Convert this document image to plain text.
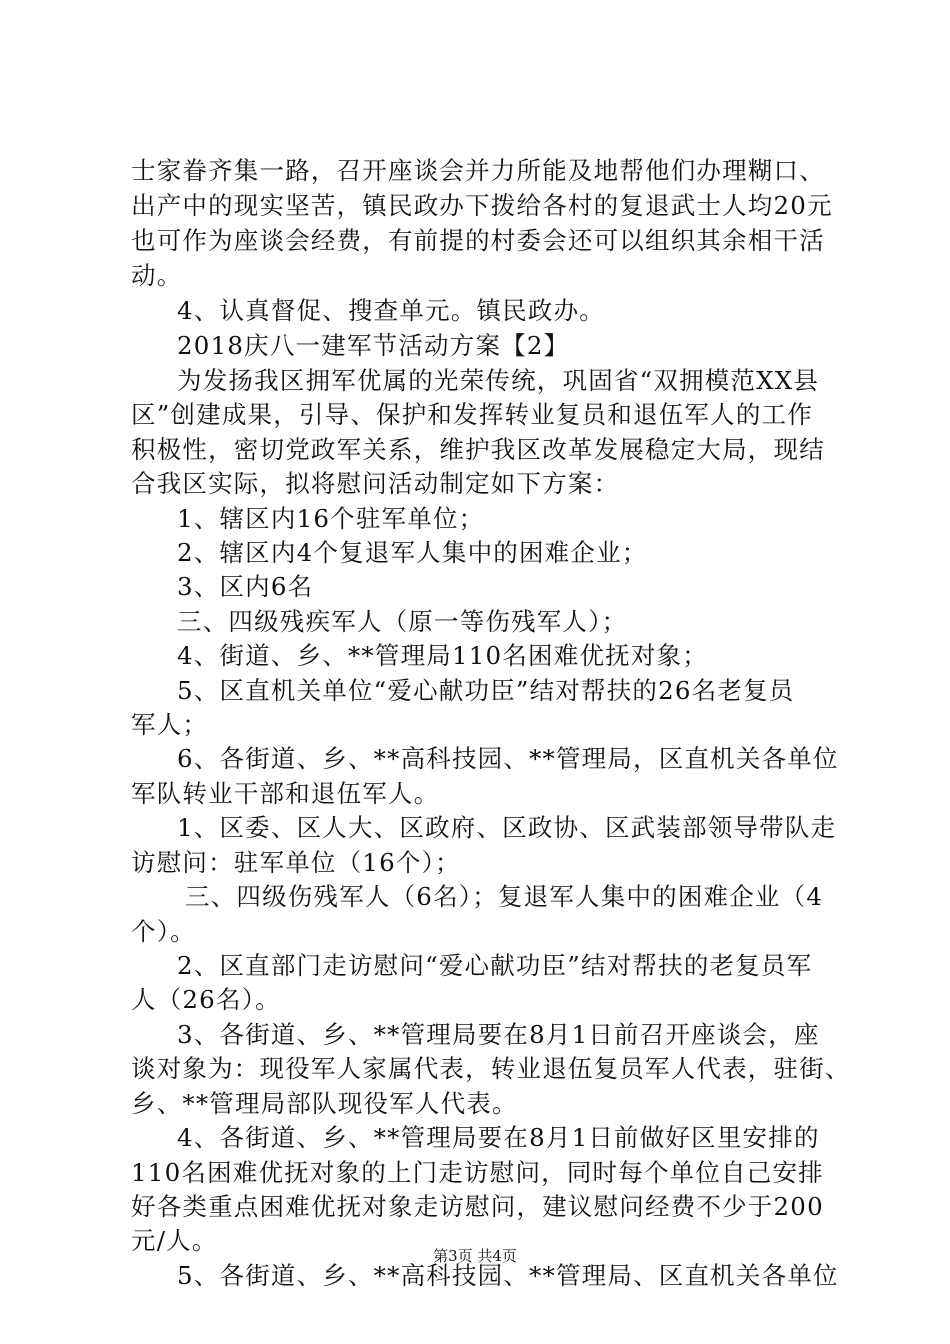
士家眷齐集一路，召开座谈会并力所能及地帮他们办理糊口、
出产中的现实坚苦，镇民政办下拨给各村的复退武士人均20元
也可作为座谈会经费，有前提的村委会还可以组织其余相干活
动。
4、认真督促、搜查单元。镇民政办。
2018庆八一建军节活动方案【2】
为发扬我区拥军优属的光荣传统，巩固省“双拥模范XX县
区”创建成果，引导、保护和发挥转业复员和退伍军人的工作
积极性，密切党政军关系，维护我区改革发展稳定大局，现结
合我区实际，拟将慰问活动制定如下方案：
1、辖区内16个驻军单位；
2、辖区内4个复退军人集中的困难企业；
3、区内6名
三、四级残疾军人（原一等伤残军人）；
4、街道、乡、**管理局110名困难优抚对象；
5、区直机关单位“爱心献功臣”结对帮扶的26名老复员
军人；
6、各街道、乡、**高科技园、**管理局，区直机关各单位
军队转业干部和退伍军人。
1、区委、区人大、区政府、区政协、区武装部领导带队走
访慰问：驻军单位（16个）；
三、四级伤残军人（6名）；复退军人集中的困难企业（4
个）。
2、区直部门走访慰问“爱心献功臣”结对帮扶的老复员军
人（26名）。
3、各街道、乡、**管理局要在8月1日前召开座谈会，座
谈对象为：现役军人家属代表，转业退伍复员军人代表，驻街、
乡、**管理局部队现役军人代表。
4、各街道、乡、**管理局要在8月1日前做好区里安排的
110名困难优抚对象的上门走访慰问，同时每个单位自己安排
好各类重点困难优抚对象走访慰问，建议慰问经费不少于200
元/人。
5、各街道、乡、**高科技园、**管理局、区直机关各单位
第3页 共4页
